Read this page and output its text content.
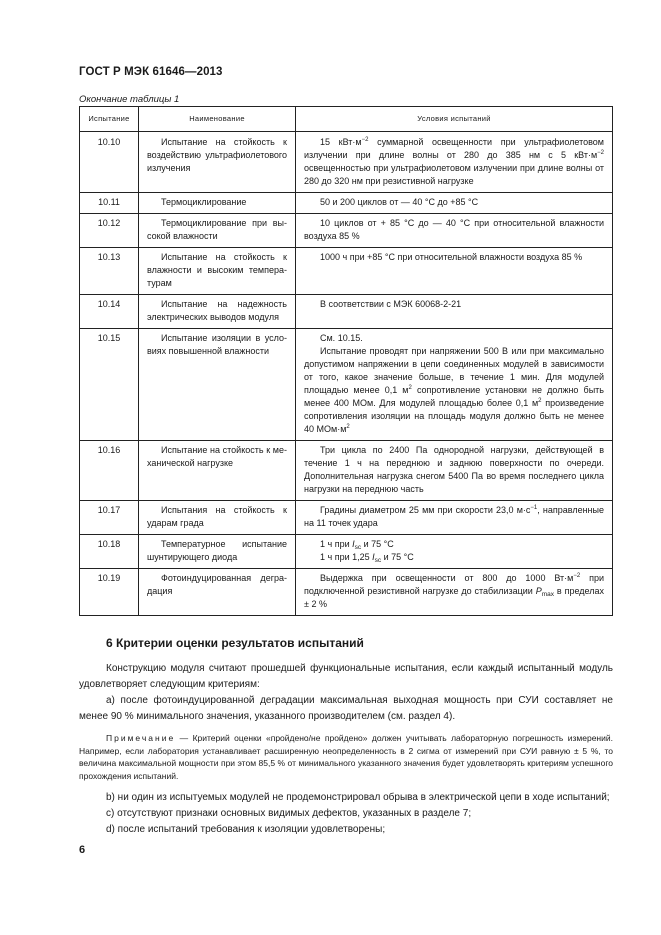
ГОСТ Р МЭК 61646—2013
Окончание таблицы 1
Испытание	Наименование	Условия испытаний
10.10	Испытание на стойкость к воздействию ультрафиолетового излучения	15 $кВт\cdot м^{-2}$ суммарной освещенности при ультрафиолетовом излучении при длине волны от 280 до 385 нм с 5 $кВт\cdot м^{-2}$ освещенностью при ультрафиолетовом излучении при длине волны от 280 до 320 нм при резистивной нагрузке

10.11	Термоциклирование	50 и 200 циклов от — 40 °С до +85 °С

10.12	Термоциклирование при высокой влажности	10 циклов от + 85 °С до — 40 °С при относительной влажности воздуха 85 %

10.13	Испытание на стойкость к влажности и высоким температурам	1000 ч при +85 °С при относительной влажности воздуха 85 %

10.14	Испытание на надежность электрических выводов модуля	В соответствии с МЭК 60068-2-21

10.15	Испытание изоляции в условиях повышенной влажности	См. 10.15.
Испытание проводят при напряжении 500 В или при максимально допустимом напряжении в цепи соединенных модулей в зависимости от того, какое значение больше, в течение 1 мин. Для модулей площадью менее 0,1 $м^2$ сопротивление установки не должно быть менее 400 МОм. Для модулей площадью более 0,1 $м^2$ произведение сопротивления изоляции на площадь модуля должно быть не менее 40 $МОм\cdot м^2$

10.16	Испытание на стойкость к механической нагрузке	Три цикла по 2400 Па однородной нагрузки, действующей в течение 1 ч на переднюю и заднюю поверхности по очереди. Дополнительная нагрузка снегом 5400 Па во время последнего цикла нагрузки на переднюю часть

10.17	Испытания на стойкость к ударам града	Градины диаметром 25 мм при скорости 23,0 $м\cdot с^{-1}$, направленные на 11 точек удара

10.18	Температурное испытание шунтирующего диода	1 ч при $I_{sc}$ и 75 °С
1 ч при 1,25 $I_{sc}$ и 75 °С

10.19	Фотоиндуцированная деградация	Выдержка при освещенности от 800 до 1000 $Вт\cdot м^{-2}$ при подключенной резистивной нагрузке до стабилизации $P_{max}$ в пределах ± 2 %
6 Критерии оценки результатов испытаний
Конструкцию модуля считают прошедшей функциональные испытания, если каждый испытанный модуль удовлетворяет следующим критериям:
а) после фотоиндуцированной деградации максимальная выходная мощность при СУИ составляет не менее 90 % минимального значения, указанного производителем (см. раздел 4).
Примечание — Критерий оценки «пройдено/не пройдено» должен учитывать лабораторную погрешность измерений. Например, если лаборатория устанавливает расширенную неопределенность в 2 сигма от измерений при СУИ равную ± 5 %, то величина максимальной мощности при этом 85,5 % от минимального указанного значения будет удовлетворять критериям успешного прохождения испытаний.
b) ни один из испытуемых модулей не продемонстрировал обрыва в электрической цепи в ходе испытаний;
c) отсутствуют признаки основных видимых дефектов, указанных в разделе 7;
d) после испытаний требования к изоляции удовлетворены;
6
